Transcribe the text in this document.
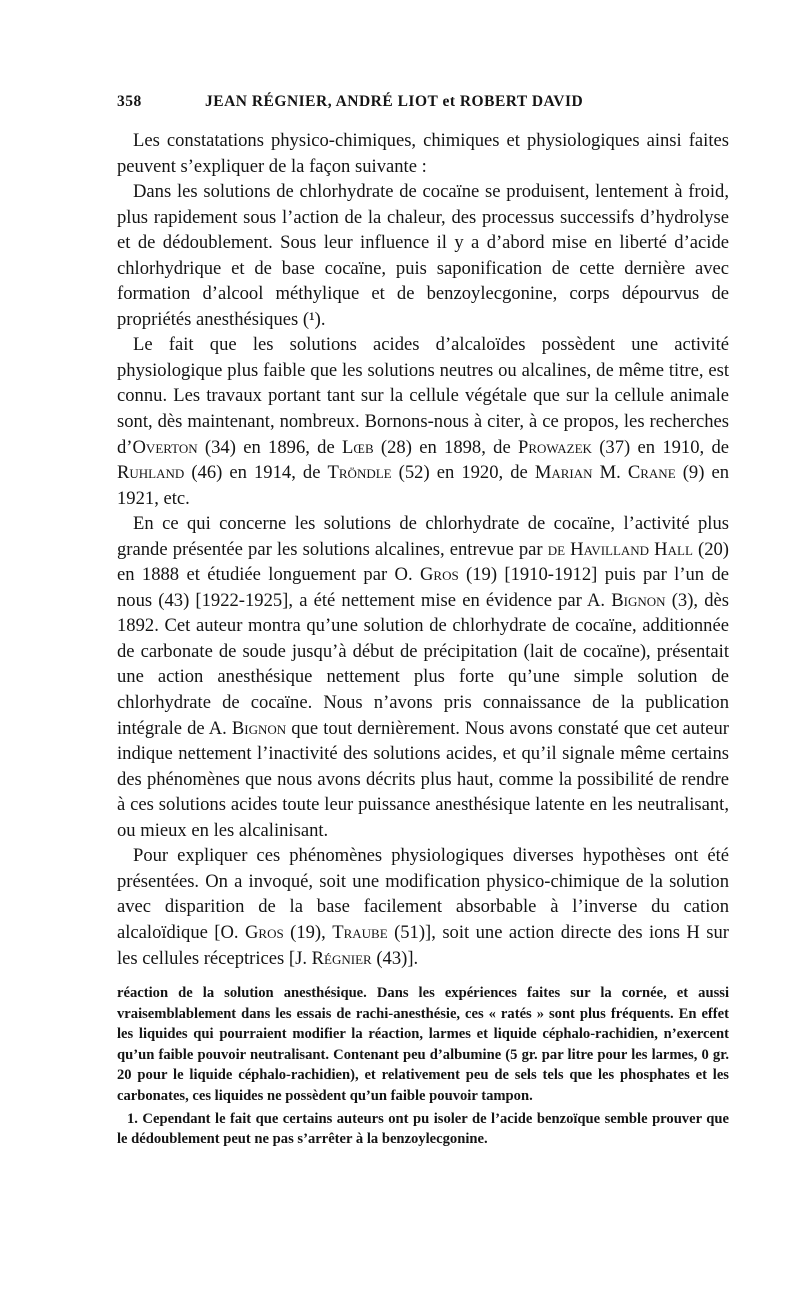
358	JEAN RÉGNIER, ANDRÉ LIOT et ROBERT DAVID

Les constatations physico-chimiques, chimiques et physiologiques ainsi faites peuvent s’expliquer de la façon suivante :

Dans les solutions de chlorhydrate de cocaïne se produisent, lentement à froid, plus rapidement sous l’action de la chaleur, des processus successifs d’hydrolyse et de dédoublement. Sous leur influence il y a d’abord mise en liberté d’acide chlorhydrique et de base cocaïne, puis saponification de cette dernière avec formation d’alcool méthylique et de benzoylecgonine, corps dépourvus de propriétés anesthésiques (¹).

Le fait que les solutions acides d’alcaloïdes possèdent une activité physiologique plus faible que les solutions neutres ou alcalines, de même titre, est connu. Les travaux portant tant sur la cellule végétale que sur la cellule animale sont, dès maintenant, nombreux. Bornons-nous à citer, à ce propos, les recherches d’Overton (34) en 1896, de Lœb (28) en 1898, de Prowazek (37) en 1910, de Ruhland (46) en 1914, de Tröndle (52) en 1920, de Marian M. Crane (9) en 1921, etc.

En ce qui concerne les solutions de chlorhydrate de cocaïne, l’activité plus grande présentée par les solutions alcalines, entrevue par de Havilland Hall (20) en 1888 et étudiée longuement par O. Gros (19) [1910-1912] puis par l’un de nous (43) [1922-1925], a été nettement mise en évidence par A. Bignon (3), dès 1892. Cet auteur montra qu’une solution de chlorhydrate de cocaïne, additionnée de carbonate de soude jusqu’à début de précipitation (lait de cocaïne), présentait une action anesthésique nettement plus forte qu’une simple solution de chlorhydrate de cocaïne. Nous n’avons pris connaissance de la publication intégrale de A. Bignon que tout dernièrement. Nous avons constaté que cet auteur indique nettement l’inactivité des solutions acides, et qu’il signale même certains des phénomènes que nous avons décrits plus haut, comme la possibilité de rendre à ces solutions acides toute leur puissance anesthésique latente en les neutralisant, ou mieux en les alcalinisant.

Pour expliquer ces phénomènes physiologiques diverses hypothèses ont été présentées. On a invoqué, soit une modification physico-chimique de la solution avec disparition de la base facilement absorbable à l’inverse du cation alcaloïdique [O. Gros (19), Traube (51)], soit une action directe des ions H sur les cellules réceptrices [J. Régnier (43)].

réaction de la solution anesthésique. Dans les expériences faites sur la cornée, et aussi vraisemblablement dans les essais de rachi-anesthésie, ces « ratés » sont plus fréquents. En effet les liquides qui pourraient modifier la réaction, larmes et liquide céphalo-rachidien, n’exercent qu’un faible pouvoir neutralisant. Contenant peu d’albumine (5 gr. par litre pour les larmes, 0 gr. 20 pour le liquide céphalo-rachidien), et relativement peu de sels tels que les phosphates et les carbonates, ces liquides ne possèdent qu’un faible pouvoir tampon.

1. Cependant le fait que certains auteurs ont pu isoler de l’acide benzoïque semble prouver que le dédoublement peut ne pas s’arrêter à la benzoylecgonine.
